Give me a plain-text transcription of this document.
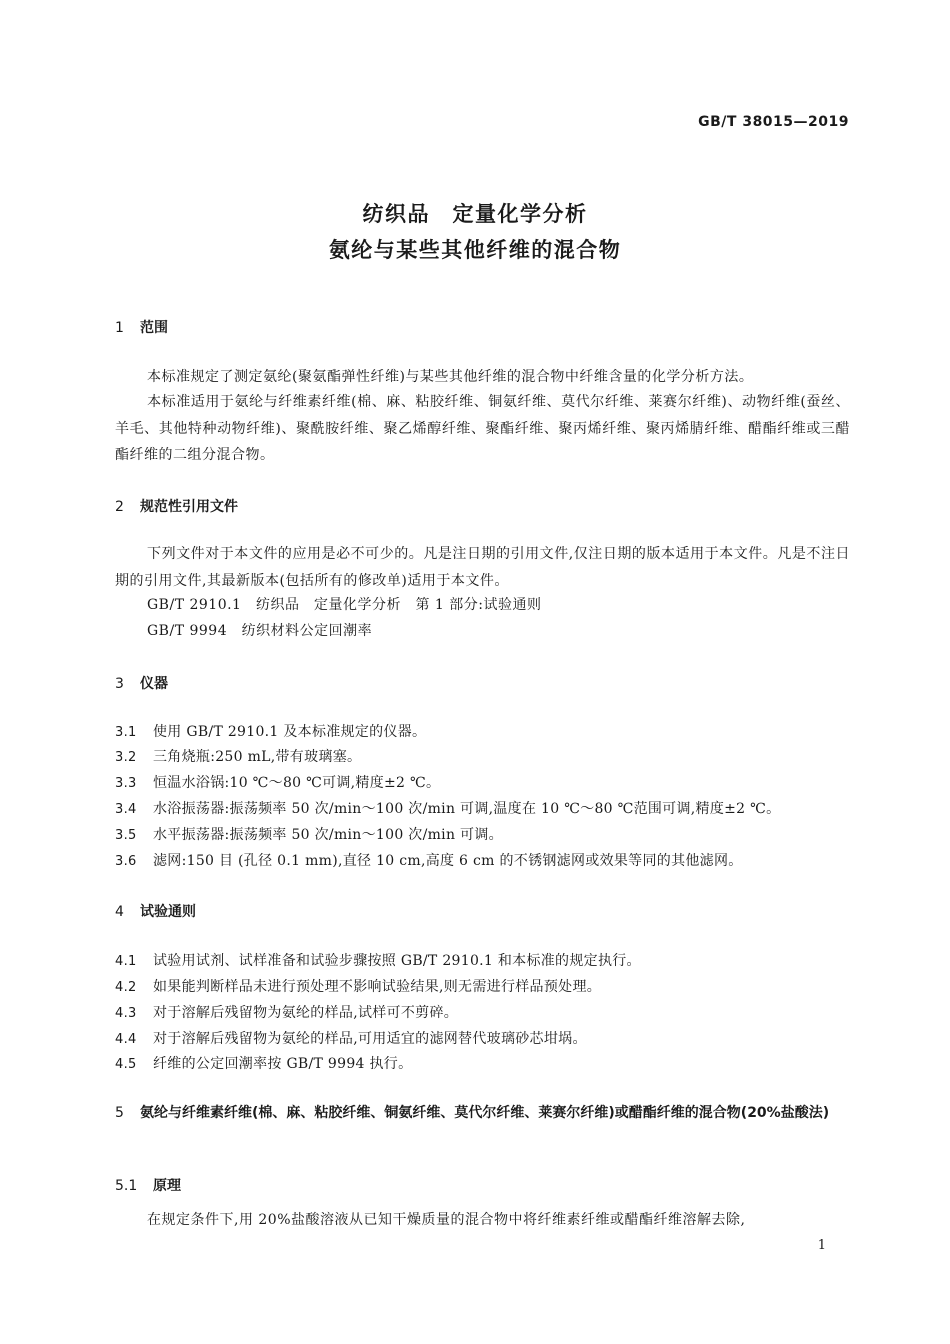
GB/T 38015—2019
纺织品　定量化学分析
氨纶与某些其他纤维的混合物
1 范围
本标准规定了测定氨纶(聚氨酯弹性纤维)与某些其他纤维的混合物中纤维含量的化学分析方法。
本标准适用于氨纶与纤维素纤维(棉、麻、粘胶纤维、铜氨纤维、莫代尔纤维、莱赛尔纤维)、动物纤维(蚕丝、羊毛、其他特种动物纤维)、聚酰胺纤维、聚乙烯醇纤维、聚酯纤维、聚丙烯纤维、聚丙烯腈纤维、醋酯纤维或三醋酯纤维的二组分混合物。
2 规范性引用文件
下列文件对于本文件的应用是必不可少的。凡是注日期的引用文件,仅注日期的版本适用于本文件。凡是不注日期的引用文件,其最新版本(包括所有的修改单)适用于本文件。
GB/T 2910.1　纺织品　定量化学分析　第 1 部分:试验通则
GB/T 9994　纺织材料公定回潮率
3 仪器
3.1 使用 GB/T 2910.1 及本标准规定的仪器。
3.2 三角烧瓶:250 mL,带有玻璃塞。
3.3 恒温水浴锅:10 ℃～80 ℃可调,精度±2 ℃。
3.4 水浴振荡器:振荡频率 50 次/min～100 次/min 可调,温度在 10 ℃～80 ℃范围可调,精度±2 ℃。
3.5 水平振荡器:振荡频率 50 次/min～100 次/min 可调。
3.6 滤网:150 目 (孔径 0.1 mm),直径 10 cm,高度 6 cm 的不锈钢滤网或效果等同的其他滤网。
4 试验通则
4.1 试验用试剂、试样准备和试验步骤按照 GB/T 2910.1 和本标准的规定执行。
4.2 如果能判断样品未进行预处理不影响试验结果,则无需进行样品预处理。
4.3 对于溶解后残留物为氨纶的样品,试样可不剪碎。
4.4 对于溶解后残留物为氨纶的样品,可用适宜的滤网替代玻璃砂芯坩埚。
4.5 纤维的公定回潮率按 GB/T 9994 执行。
5 氨纶与纤维素纤维(棉、麻、粘胶纤维、铜氨纤维、莫代尔纤维、莱赛尔纤维)或醋酯纤维的混合物(20%盐酸法)
5.1 原理
在规定条件下,用 20%盐酸溶液从已知干燥质量的混合物中将纤维素纤维或醋酯纤维溶解去除,
1
